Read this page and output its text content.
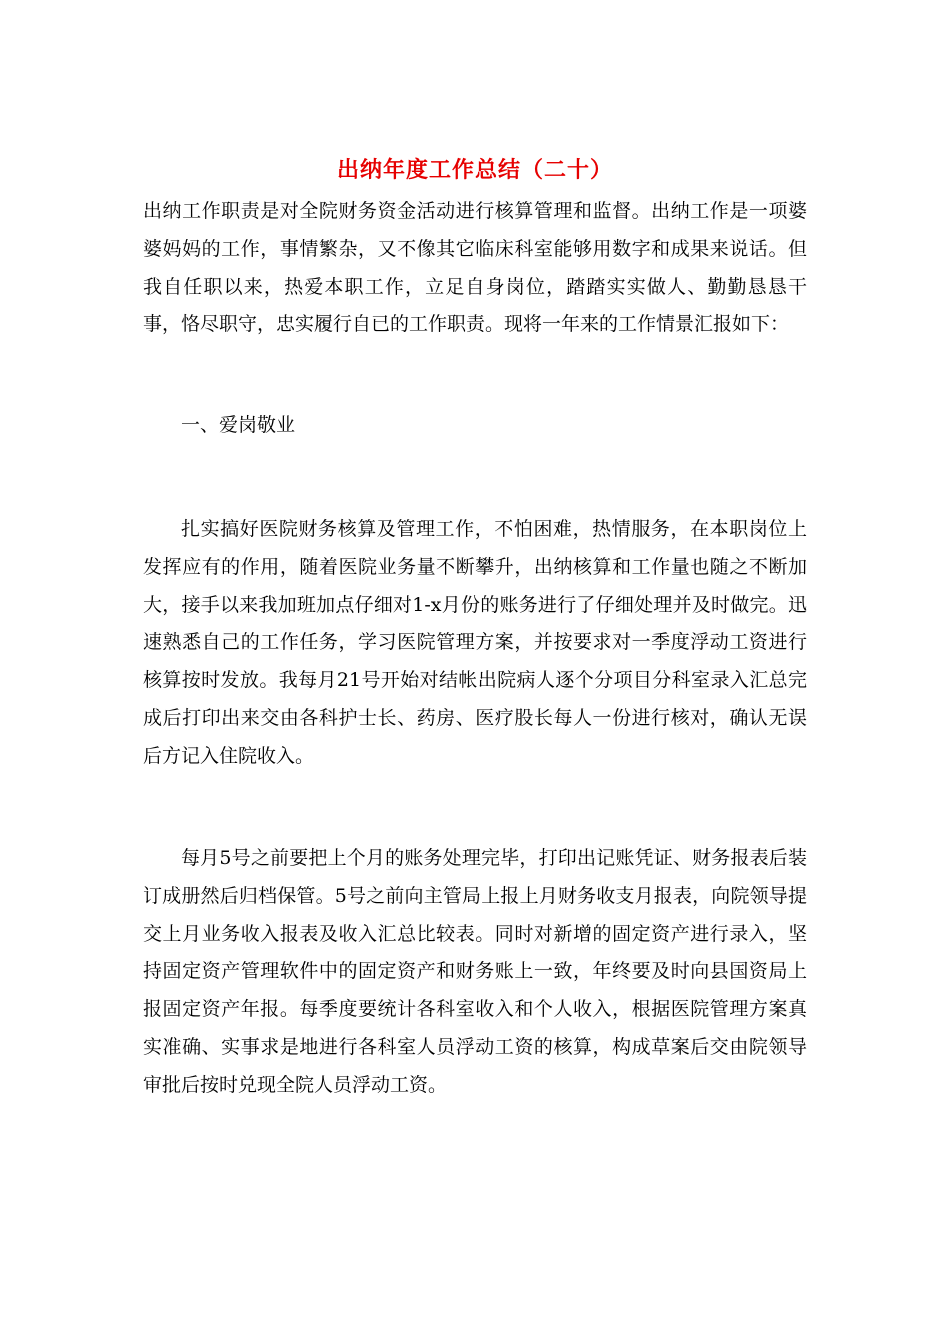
出纳年度工作总结（二十）

出纳工作职责是对全院财务资金活动进行核算管理和监督。出纳工作是一项婆婆妈妈的工作，事情繁杂，又不像其它临床科室能够用数字和成果来说话。但我自任职以来，热爱本职工作，立足自身岗位，踏踏实实做人、勤勤恳恳干事，恪尽职守，忠实履行自已的工作职责。现将一年来的工作情景汇报如下：

一、爱岗敬业

扎实搞好医院财务核算及管理工作，不怕困难，热情服务，在本职岗位上发挥应有的作用，随着医院业务量不断攀升，出纳核算和工作量也随之不断加大，接手以来我加班加点仔细对1-x月份的账务进行了仔细处理并及时做完。迅速熟悉自己的工作任务，学习医院管理方案，并按要求对一季度浮动工资进行核算按时发放。我每月21号开始对结帐出院病人逐个分项目分科室录入汇总完成后打印出来交由各科护士长、药房、医疗股长每人一份进行核对，确认无误后方记入住院收入。

每月5号之前要把上个月的账务处理完毕，打印出记账凭证、财务报表后装订成册然后归档保管。5号之前向主管局上报上月财务收支月报表，向院领导提交上月业务收入报表及收入汇总比较表。同时对新增的固定资产进行录入，坚持固定资产管理软件中的固定资产和财务账上一致，年终要及时向县国资局上报固定资产年报。每季度要统计各科室收入和个人收入，根据医院管理方案真实准确、实事求是地进行各科室人员浮动工资的核算，构成草案后交由院领导审批后按时兑现全院人员浮动工资。
